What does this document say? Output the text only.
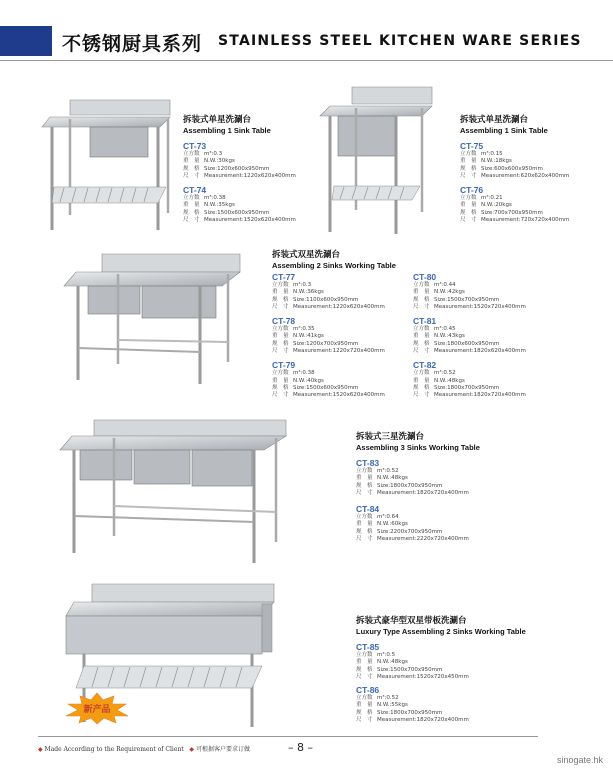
不锈钢厨具系列 STAINLESS STEEL KITCHEN WARE SERIES
新产品
拆装式单星洗涮台
Assembling 1 Sink Table
CT-73
立方数 m³:0.3
重　量 N.W.:30kgs
规　格 Size:1200x600x950mm
尺　寸 Measurement:1220x620x400mm
CT-74
立方数 m³:0.38
重　量 N.W.:35kgs
规　格 Size:1500x600x950mm
尺　寸 Measurement:1520x620x400mm
拆装式单星洗涮台
Assembling 1 Sink Table
CT-75
立方数 m³:0.15
重　量 N.W.:18kgs
规　格 Size:600x600x950mm
尺　寸 Measurement:620x620x400mm
CT-76
立方数 m³:0.21
重　量 N.W.:20kgs
规　格 Size:700x700x950mm
尺　寸 Measurement:720x720x400mm
拆装式双星洗涮台
Assembling 2 Sinks Working Table
CT-77
立方数 m³:0.3
重　量 N.W.:36kgs
规　格 Size:1100x600x950mm
尺　寸 Measurement:1220x620x400mm
CT-78
立方数 m³:0.35
重　量 N.W.:41kgs
规　格 Size:1200x700x950mm
尺　寸 Measurement:1220x720x400mm
CT-79
立方数 m³:0.38
重　量 N.W.:40kgs
规　格 Size:1500x600x950mm
尺　寸 Measurement:1520x620x400mm
CT-80
立方数 m³:0.44
重　量 N.W.:42kgs
规　格 Size:1500x700x950mm
尺　寸 Measurement:1520x720x400mm
CT-81
立方数 m³:0.45
重　量 N.W.:43kgs
规　格 Size:1800x600x950mm
尺　寸 Measurement:1820x620x400mm
CT-82
立方数 m³:0.52
重　量 N.W.:48kgs
规　格 Size:1800x700x950mm
尺　寸 Measurement:1820x720x400mm
拆装式三星洗涮台
Assembling 3 Sinks Working Table
CT-83
立方数 m³:0.52
重　量 N.W.:48kgs
规　格 Size:1800x700x950mm
尺　寸 Measurement:1820x720x400mm
CT-84
立方数 m³:0.64
重　量 N.W.:60kgs
规　格 Size:2200x700x950mm
尺　寸 Measurement:2220x720x400mm
拆装式豪华型双星带板洗涮台
Luxury Type Assembling 2 Sinks Working Table
CT-85
立方数 m³:0.5
重　量 N.W.:48kgs
规　格 Size:1500x700x950mm
尺　寸 Measurement:1520x720x450mm
CT-86
立方数 m³:0.52
重　量 N.W.:55kgs
规　格 Size:1800x700x950mm
尺　寸 Measurement:1820x720x400mm
◆ Made According to the Requirement of Client ◆ 可根据客户要求订做	– 8 –
sinogate.hk
